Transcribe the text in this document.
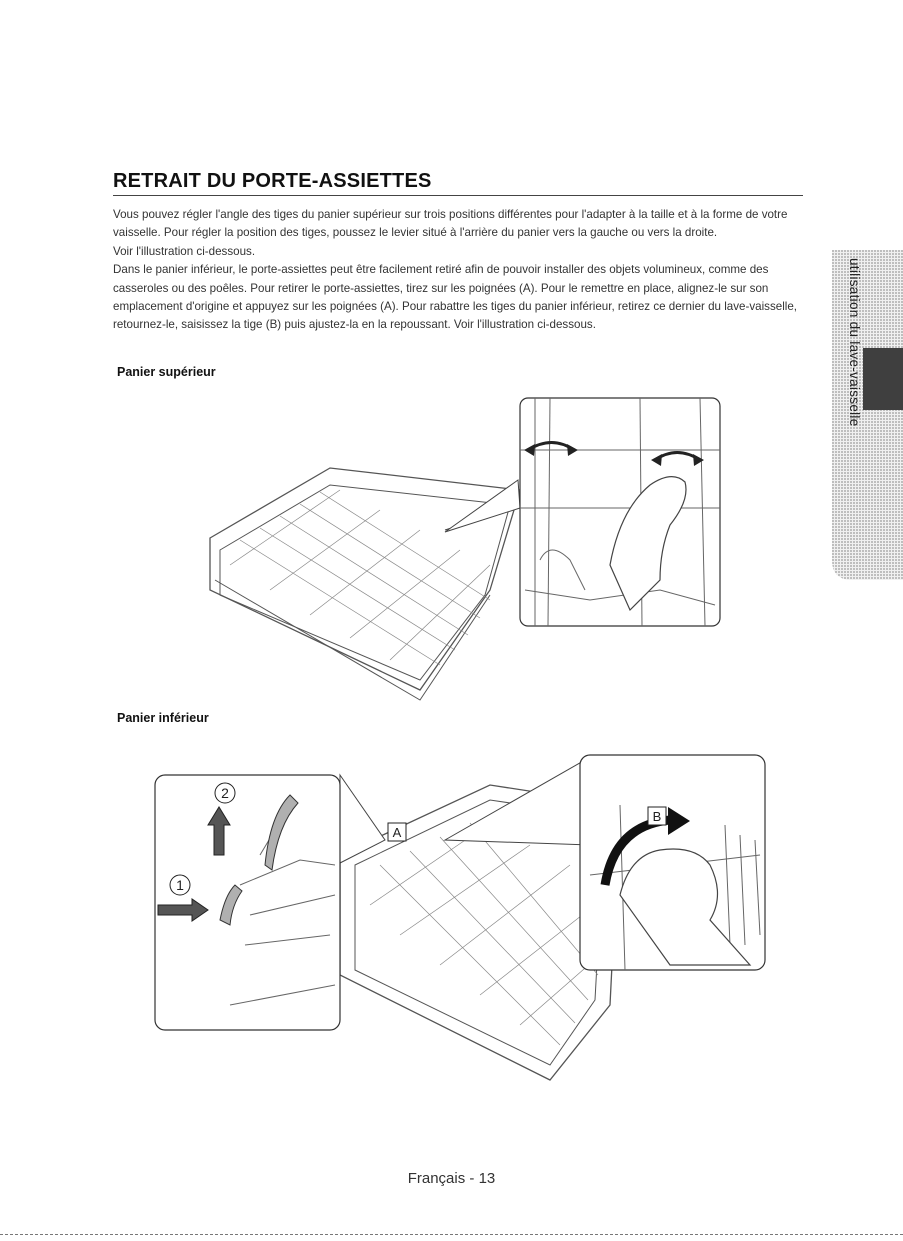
RETRAIT DU PORTE-ASSIETTES

Vous pouvez régler l'angle des tiges du panier supérieur sur trois positions différentes pour l'adapter à la taille et à la forme de votre vaisselle. Pour régler la position des tiges, poussez le levier situé à l'arrière du panier vers la gauche ou vers la droite.

Voir l'illustration ci-dessous.

Dans le panier inférieur, le porte-assiettes peut être facilement retiré afin de pouvoir installer des objets volumineux, comme des casseroles ou des poêles. Pour retirer le porte-assiettes, tirez sur les poignées (A). Pour le remettre en place, alignez-le sur son emplacement d'origine et appuyez sur les poignées (A). Pour rabattre les tiges du panier inférieur, retirez ce dernier du lave-vaisselle, retournez-le, saisissez la tige (B) puis ajustez-la en la repoussant. Voir l'illustration ci-dessous.

Panier supérieur
Panier inférieur
utilisation du lave-vaisselle
2
1
A
B
Français - 13
